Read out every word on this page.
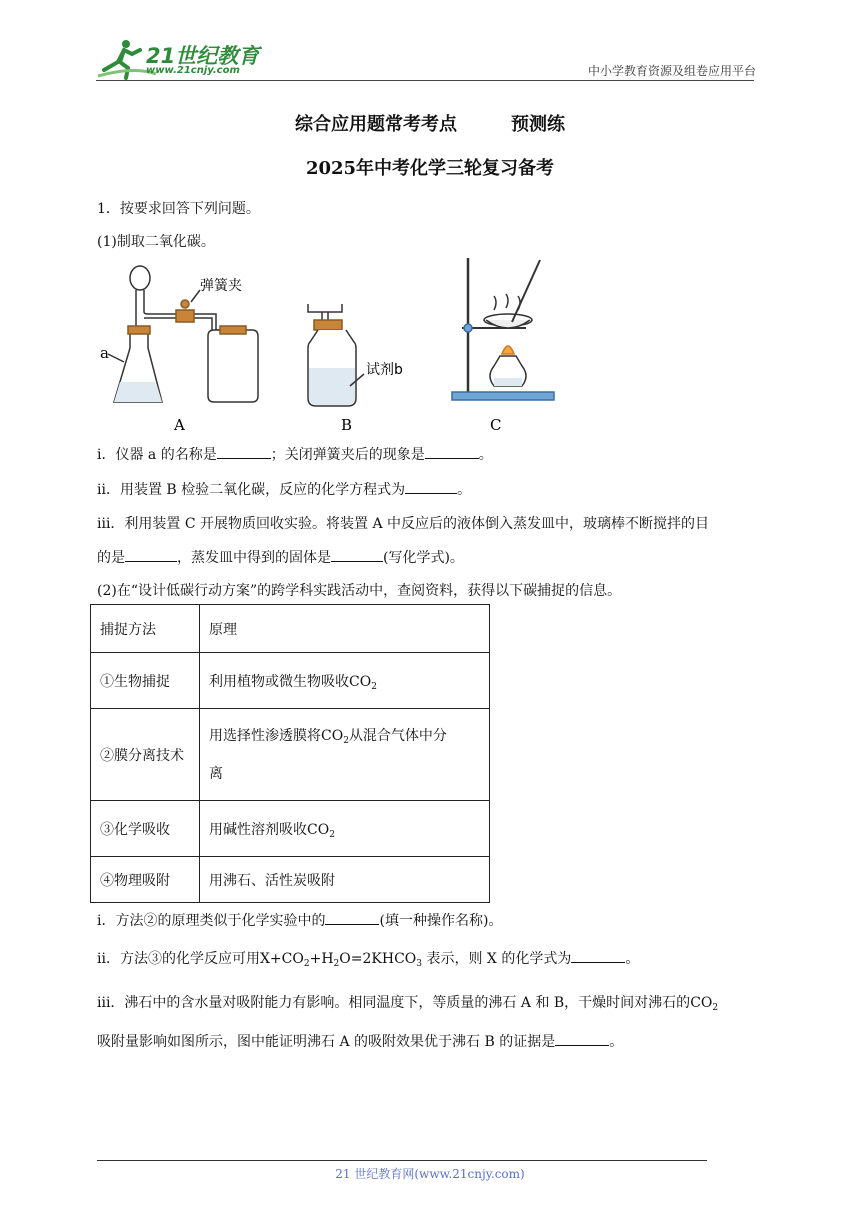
21世纪教育
www.21cnjy.com	中小学教育资源及组卷应用平台
综合应用题常考考点　　　预测练
2025年中考化学三轮复习备考
1．按要求回答下列问题。
(1)制取二氧化碳。
a
弹簧夹
A
试剂b
B	C
ⅰ．仪器 a 的名称是	；关闭弹簧夹后的现象是	。
ⅱ．用装置 B 检验二氧化碳，反应的化学方程式为	。
ⅲ．利用装置 C 开展物质回收实验。将装置 A 中反应后的液体倒入蒸发皿中，玻璃棒不断搅拌的目
的是	，蒸发皿中得到的固体是	(写化学式)。
(2)在“设计低碳行动方案”的跨学科实践活动中，查阅资料，获得以下碳捕捉的信息。
捕捉方法	原理
①生物捕捉	利用植物或微生物吸收$CO_2$
②膜分离技术	用选择性渗透膜将$CO_2$从混合气体中分
离
③化学吸收	用碱性溶剂吸收$CO_2$
④物理吸附	用沸石、活性炭吸附
i．方法②的原理类似于化学实验中的	(填一种操作名称)。
ii．方法③的化学反应可用$X+CO_2+H_2O=2KHCO_3$ 表示，则 X 的化学式为	。
iii．沸石中的含水量对吸附能力有影响。相同温度下，等质量的沸石 A 和 B，干燥时间对沸石的$CO_2$
吸附量影响如图所示，图中能证明沸石 A 的吸附效果优于沸石 B 的证据是	。
21 世纪教育网(www.21cnjy.com)
